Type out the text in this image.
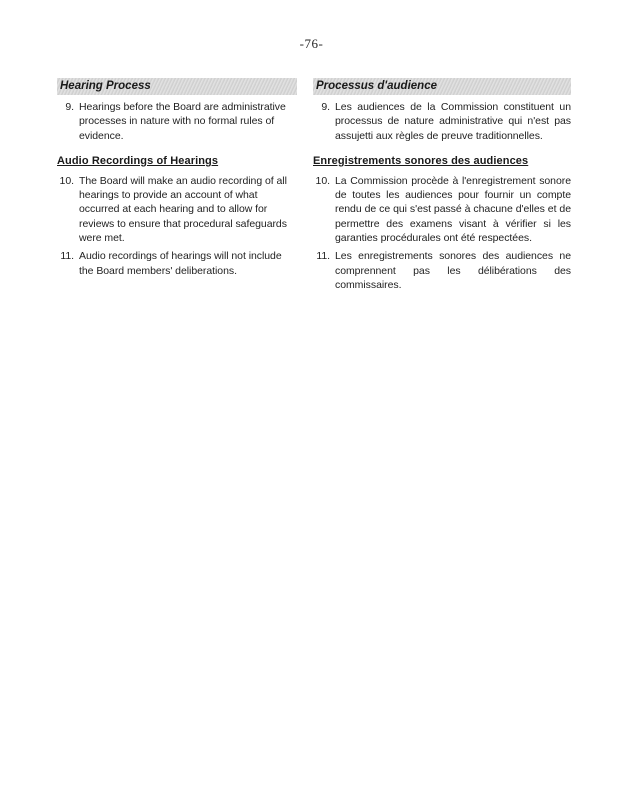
-76-
Hearing Process
9. Hearings before the Board are administrative processes in nature with no formal rules of evidence.
Audio Recordings of Hearings
10. The Board will make an audio recording of all hearings to provide an account of what occurred at each hearing and to allow for reviews to ensure that procedural safeguards were met.
11. Audio recordings of hearings will not include the Board members' deliberations.
Processus d'audience
9. Les audiences de la Commission constituent un processus de nature administrative qui n'est pas assujetti aux règles de preuve traditionnelles.
Enregistrements sonores des audiences
10. La Commission procède à l'enregistrement sonore de toutes les audiences pour fournir un compte rendu de ce qui s'est passé à chacune d'elles et de permettre des examens visant à vérifier si les garanties procédurales ont été respectées.
11. Les enregistrements sonores des audiences ne comprennent pas les délibérations des commissaires.
